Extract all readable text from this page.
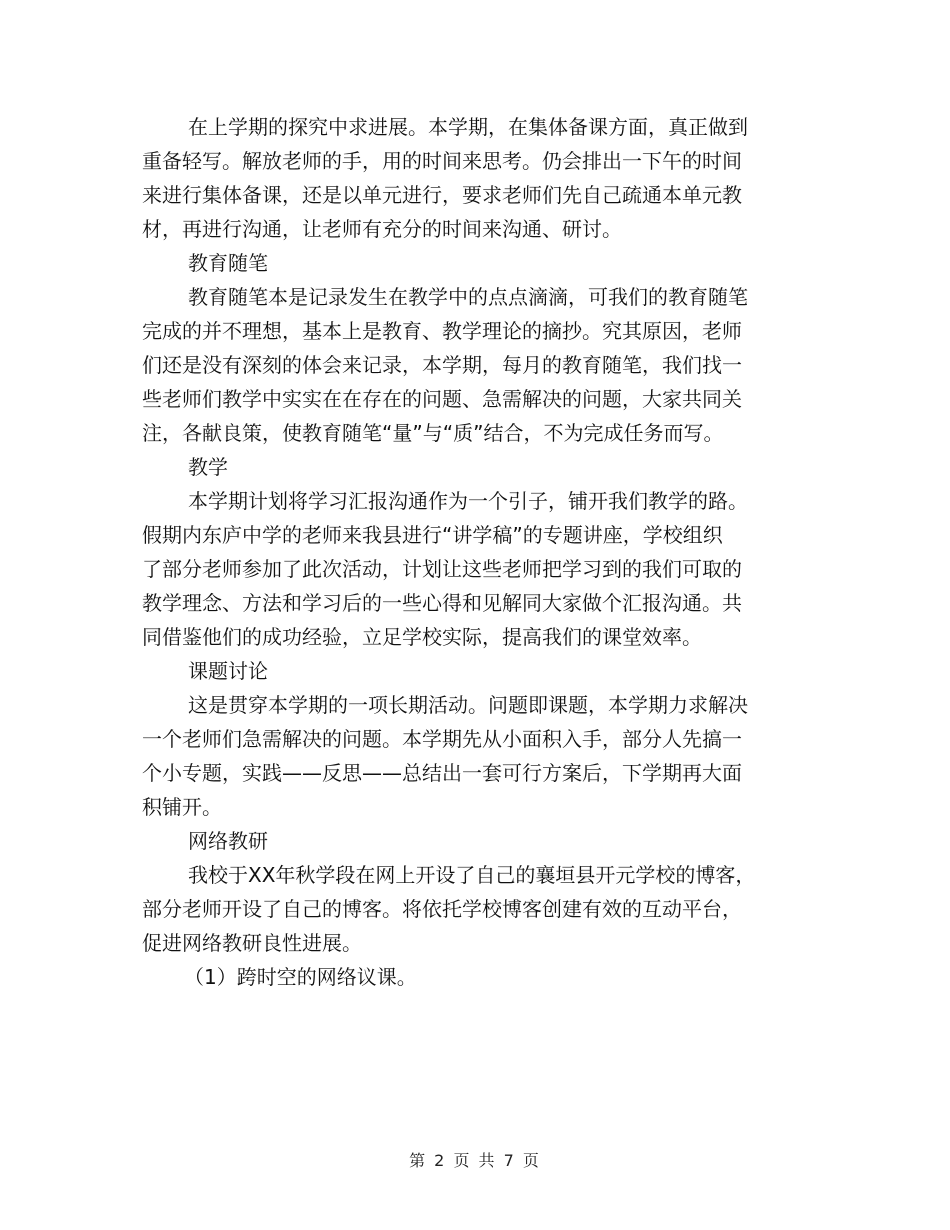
在上学期的探究中求进展。本学期，在集体备课方面，真正做到
重备轻写。解放老师的手，用的时间来思考。仍会排出一下午的时间
来进行集体备课，还是以单元进行，要求老师们先自己疏通本单元教
材，再进行沟通，让老师有充分的时间来沟通、研讨。
教育随笔
教育随笔本是记录发生在教学中的点点滴滴，可我们的教育随笔
完成的并不理想，基本上是教育、教学理论的摘抄。究其原因，老师
们还是没有深刻的体会来记录，本学期，每月的教育随笔，我们找一
些老师们教学中实实在在存在的问题、急需解决的问题，大家共同关
注，各献良策，使教育随笔“量”与“质”结合，不为完成任务而写。
教学
本学期计划将学习汇报沟通作为一个引子，铺开我们教学的路。
假期内东庐中学的老师来我县进行“讲学稿”的专题讲座，学校组织
了部分老师参加了此次活动，计划让这些老师把学习到的我们可取的
教学理念、方法和学习后的一些心得和见解同大家做个汇报沟通。共
同借鉴他们的成功经验，立足学校实际，提高我们的课堂效率。
课题讨论
这是贯穿本学期的一项长期活动。问题即课题，本学期力求解决
一个老师们急需解决的问题。本学期先从小面积入手，部分人先搞一
个小专题，实践——反思——总结出一套可行方案后，下学期再大面
积铺开。
网络教研
我校于XX年秋学段在网上开设了自己的襄垣县开元学校的博客，
部分老师开设了自己的博客。将依托学校博客创建有效的互动平台，
促进网络教研良性进展。
（1）跨时空的网络议课。
第 2 页 共 7 页
